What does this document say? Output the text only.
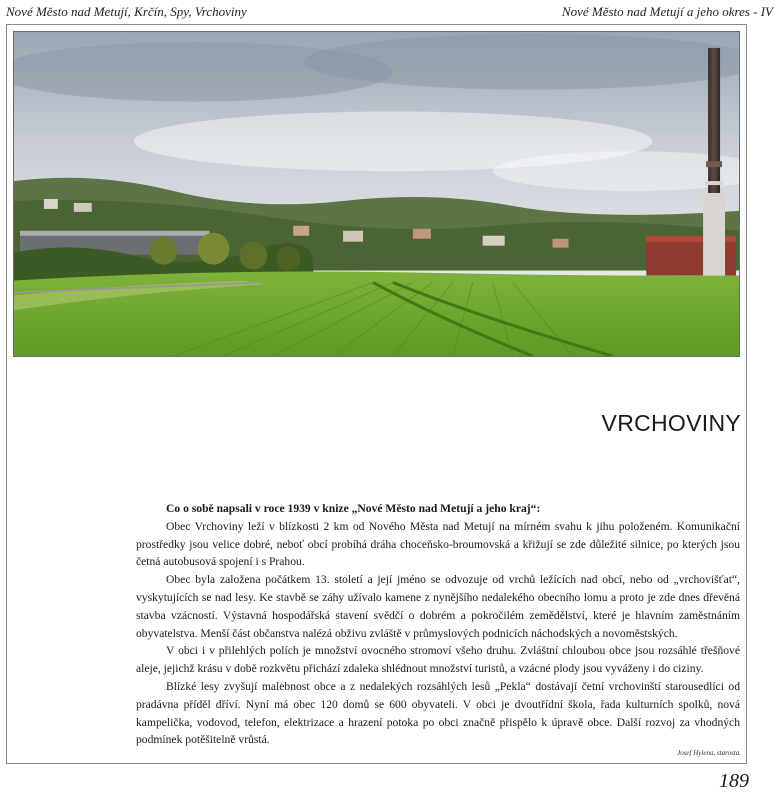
Nové Město nad Metují, Krčín, Spy, Vrchoviny	Nové Město nad Metují a jeho okres - IV
VRCHOVINY

Co o sobě napsali v roce 1939 v knize „Nové Město nad Metují a jeho kraj“:

Obec Vrchoviny leží v blízkosti 2 km od Nového Města nad Metují na mírném svahu k jihu položeném. Komunikační prostředky jsou velice dobré, neboť obcí probíhá dráha choceňsko-broumovská a křižují se zde důležité silnice, po kterých jsou četná autobusová spojení i s Prahou.

Obec byla založena počátkem 13. století a její jméno se odvozuje od vrchů ležících nad obcí, nebo od „vrchovišťat“, vyskytujících se nad lesy. Ke stavbě se záhy užívalo kamene z nynějšího nedalekého obecního lomu a proto je zde dnes dřevěná stavba vzácností. Výstavná hospodářská stavení svědčí o dobrém a pokročilém zemědělství, které je hlavním zaměstnáním obyvatelstva. Menší část občanstva nalézá obživu zvláště v průmyslových podnicích náchodských a novoměstských.

V obci i v přilehlých polích je množství ovocného stromoví všeho druhu. Zvláštní chloubou obce jsou rozsáhlé třešňové aleje, jejichž krásu v době rozkvětu přichází zdaleka shlédnout množství turistů, a vzácné plody jsou vyváženy i do ciziny.

Blízké lesy zvyšují malebnost obce a z nedalekých rozsáhlých lesů „Pekla“ dostávají četní vrchovinští starousedlíci od pradávna příděl dříví. Nyní má obec 120 domů se 600 obyvateli. V obci je dvoutřídní škola, řada kulturních spolků, nová kampelička, vodovod, telefon, elektrizace a hrazení potoka po obci značně přispělo k úpravě obce. Další rozvoj za vhodných podmínek potěšitelně vrůstá.

Josef Hylena, starosta.
189
